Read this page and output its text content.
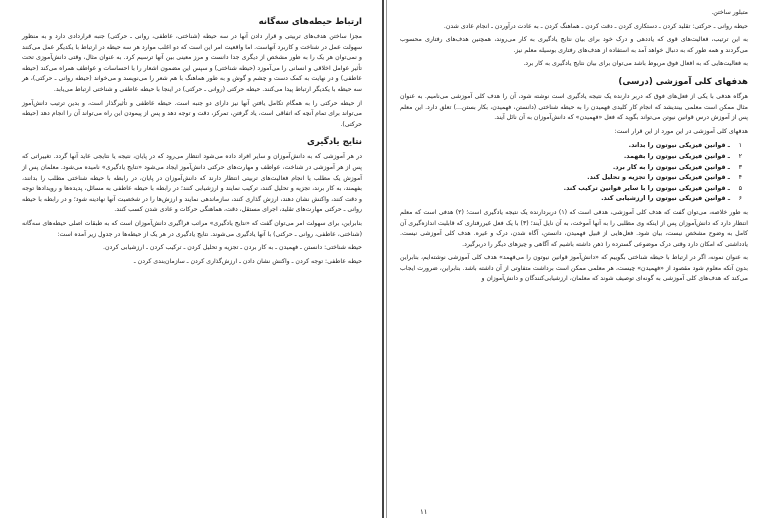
متبلور ساختن.

حیطه روانی ـ حرکتی: تقلید کردن ـ دستکاری کردن ـ دقت کردن ـ هماهنگ کردن ـ به عادت درآوردن ـ انجام عادی شدن.

به این ترتیب، فعالیت‌های قوی که یاددهی و درک خود برای بیان نتایج یادگیری به کار می‌روند، همچنین هدف‌های رفتاری محسوب می‌گردند و همه طور که به دنبال خواهد آمد به استفاده از هدف‌های رفتاری بوسیله معلم نیز.

به فعالیت‌هایی که به افعال فوق مربوط باشد می‌توان برای بیان نتایج یادگیری به کار برد.

هدفهای کلی آموزشی (درسی)

هرگاه هدفی با یکی از فعل‌های فوق که دربر دارنده یک نتیجه یادگیری است نوشته شود، آن را هدف کلی آموزشی می‌نامیم. به عنوان مثال ممکن است معلمی بیندیشد که انجام کار کلیدی فهمیدن را به حیطه شناختی (دانستن، فهمیدن، بکار بستن...) تعلق دارد. این معلم پس از آموزش درس قوانین نیوتن می‌تواند بگوید که فعل «فهمیدن» که دانش‌آموزان به آن نائل آیند.

هدفهای کلی آموزشی در این مورد از این قرار است:

۱ـ قوانین فیزیکی نیوتون را بداند.
۲ـ قوانین فیزیکی نیوتون را بفهمد.
۳ـ قوانین فیزیکی نیوتون را به کار برد.
۴ـ قوانین فیزیکی نیوتون را تجزیه و تحلیل کند.
۵ـ قوانین فیزیکی نیوتون را با سایر قوانین ترکیب کند.
۶ـ قوانین فیزیکی نیوتون را ارزشیابی کند.

به طور خلاصه، می‌توان گفت که هدف کلی آموزشی، هدفی است که (۱) دربردارنده یک نتیجه یادگیری است؛ (۲) هدفی است که معلم انتظار دارد که دانش‌آموزان پس از اینکه وی مطلبی را به آنها آموخت، به آن نایل آیند؛ (۳) با یک فعل غیررفتاری که قابلیت اندازه‌گیری آن کامل به وضوح مشخص نیست، بیان شود. فعل‌هایی از قبیل فهمیدن، دانستن، آگاه شدن، درک و غیره. هدف کلی آموزشی نیست. یادداشتی که امکان دارد وقتی درک موضوعی گسترده را ذهن داشته باشیم که آگاهی و چیزهای دیگر را دربرگیرد.

به عنوان نمونه، اگر در ارتباط با حیطه شناختی بگوییم که «دانش‌آموز قوانین نیوتون را می‌فهمد» هدف کلی آموزشی نوشته‌ایم، بنابراین بدون آنکه معلوم شود مقصود از «فهمیدن» چیست، هر معلمی ممکن است برداشت متفاوتی از آن داشته باشد. بنابراین، ضرورت ایجاب می‌کند که هدف‌های کلی آموزشی به گونه‌ای توصیف شوند که معلمان، ارزشیابی‌کنندگان و دانش‌آموزان و

۱۱
ارتباط حیطه‌های سه‌گانه

مجزا ساختن هدف‌های تربیتی و قرار دادن آنها در سه حیطه (شناختی، عاطفی، روانی ـ حرکتی) جنبه قراردادی دارد و به منظور سهولت عمل در شناخت و کاربرد آنهاست. اما واقعیت امر این است که دو اغلب موارد هر سه حیطه در ارتباط با یکدیگر عمل می‌کنند و نمی‌توان هر یک را به طور مشخص از دیگری جدا دانست و مرز معینی بین آنها ترسیم کرد. به عنوان مثال، وقتی دانش‌آموزی تحت تأثیر عوامل اخلاقی و انسانی را می‌آموزد (حیطه شناختی) و سپس این مضمون اشعار را با احساسات و عواطف همراه می‌کند (حیطه عاطفی) و در نهایت به کمک دست و چشم و گوش و به طور هماهنگ با هم شعر را می‌نویسد و می‌خواند (حیطه روانی ـ حرکتی)، هر سه حیطه با یکدیگر ارتباط پیدا می‌کنند. حیطه حرکتی (روانی ـ حرکتی) در اینجا با حیطه عاطفی و شناختی ارتباط می‌یابد.

از حیطه حرکتی را به همگام تکامل یافتن آنها نیز دارای دو جنبه است. حیطه عاطفی و تأثیرگذار است، و بدین ترتیب دانش‌آموز می‌تواند برای تمام آنچه که اتفاقی است، یاد گرفتن، تمرکز، دقت و توجه دهد و پس از پیمودن این راه می‌تواند آن را انجام دهد (حیطه حرکتی).

نتایج یادگیری

در هر آموزشی که به دانش‌آموزان و سایر افراد داده می‌شود انتظار می‌رود که در پایان، نتیجه یا نتایجی عاید آنها گردد. تغییراتی که پس از هر آموزشی در شناخت، عواطف و مهارت‌های حرکتی دانش‌آموز ایجاد می‌شود «نتایج یادگیری» نامیده می‌شود. معلمان پس از آموزش یک مطلب یا انجام فعالیت‌های تربیتی انتظار دارند که دانش‌آموزان در پایان، در رابطه با حیطه شناختی مطلب را بدانند، بفهمند، به کار برند، تجزیه و تحلیل کنند، ترکیب نمایند و ارزشیابی کنند؛ در رابطه با حیطه عاطفی به مسائل، پدیده‌ها و رویدادها توجه و دقت کنند، واکنش نشان دهند، ارزش گذاری کنند، سازماندهی نمایند و ارزش‌ها را در شخصیت آنها نهادینه شود؛ و در رابطه با حیطه روانی ـ حرکتی مهارت‌های تقلید، اجرای مستقل، دقت، هماهنگی حرکات و عادی شدن کسب کنند.

بنابراین، برای سهولت امر می‌توان گفت که «نتایج یادگیری» مراتب فراگیری دانش‌آموزان است که به طبقات اصلی حیطه‌های سه‌گانه (شناختی، عاطفی، روانی ـ حرکتی) با آنها یادگیری می‌شوند. نتایج یادگیری در هر یک از حیطه‌ها در جدول زیر آمده است:

حیطه شناختی: دانستن ـ فهمیدن ـ به کار بردن ـ تجزیه و تحلیل کردن ـ ترکیب کردن ـ ارزشیابی کردن.

حیطه عاطفی: توجه کردن ـ واکنش نشان دادن ـ ارزش‌گذاری کردن ـ سازمان‌بندی کردن ـ
